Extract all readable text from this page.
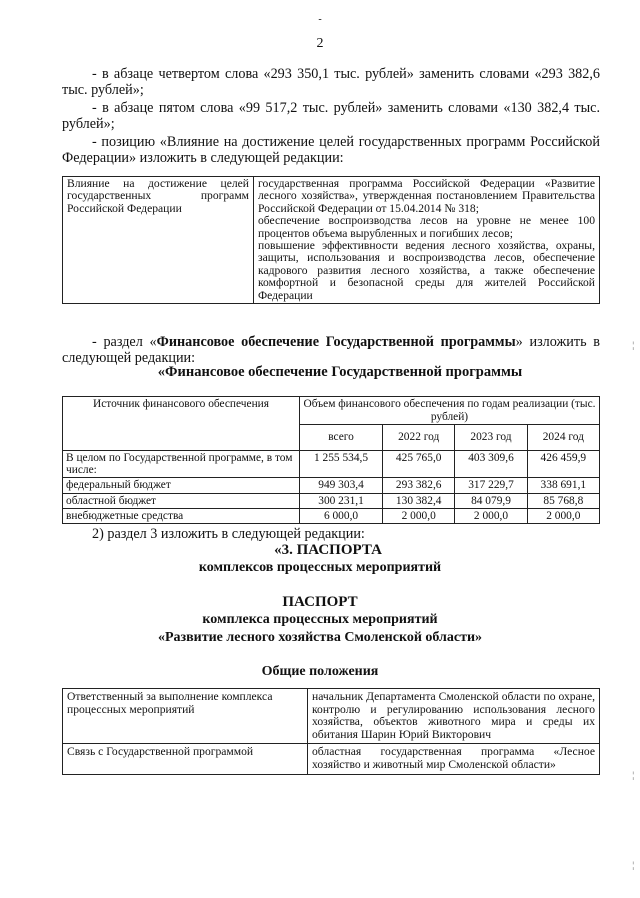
-
2
- в абзаце четвертом слова «293 350,1 тыс. рублей» заменить словами «293 382,6 тыс. рублей»;
- в абзаце пятом слова «99 517,2 тыс. рублей» заменить словами «130 382,4 тыс. рублей»;
- позицию «Влияние на достижение целей государственных программ Российской Федерации» изложить в следующей редакции:
Влияние на достижение целей государственных программ Российской Федерации	государственная программа Российской Федерации «Развитие лесного хозяйства», утвержденная постановлением Правительства Российской Федерации от 15.04.2014 № 318;
обеспечение воспроизводства лесов на уровне не менее 100 процентов объема вырубленных и погибших лесов;
повышение эффективности ведения лесного хозяйства, охраны, защиты, использования и воспроизводства лесов, обеспечение кадрового развития лесного хозяйства, а также обеспечение комфортной и безопасной среды для жителей Российской Федерации
- раздел «Финансовое обеспечение Государственной программы» изложить в следующей редакции:
«Финансовое обеспечение Государственной программы
Источник финансового обеспечения	Объем финансового обеспечения по годам реализации (тыс. рублей)			
	всего	2022 год	2023 год	2024 год
В целом по Государственной программе, в том числе:	1 255 534,5	425 765,0	403 309,6	426 459,9
федеральный бюджет	949 303,4	293 382,6	317 229,7	338 691,1
областной бюджет	300 231,1	130 382,4	84 079,9	85 768,8
внебюджетные средства	6 000,0	2 000,0	2 000,0	2 000,0
2) раздел 3 изложить в следующей редакции:
«3. ПАСПОРТА
комплексов процессных мероприятий
ПАСПОРТ
комплекса процессных мероприятий
«Развитие лесного хозяйства Смоленской области»
Общие положения
Ответственный за выполнение комплекса процессных мероприятий	начальник Департамента Смоленской области по охране, контролю и регулированию использования лесного хозяйства, объектов животного мира и среды их обитания Шарин Юрий Викторович
Связь с Государственной программой	областная государственная программа «Лесное хозяйство и животный мир Смоленской области»
¦
¦
¦
